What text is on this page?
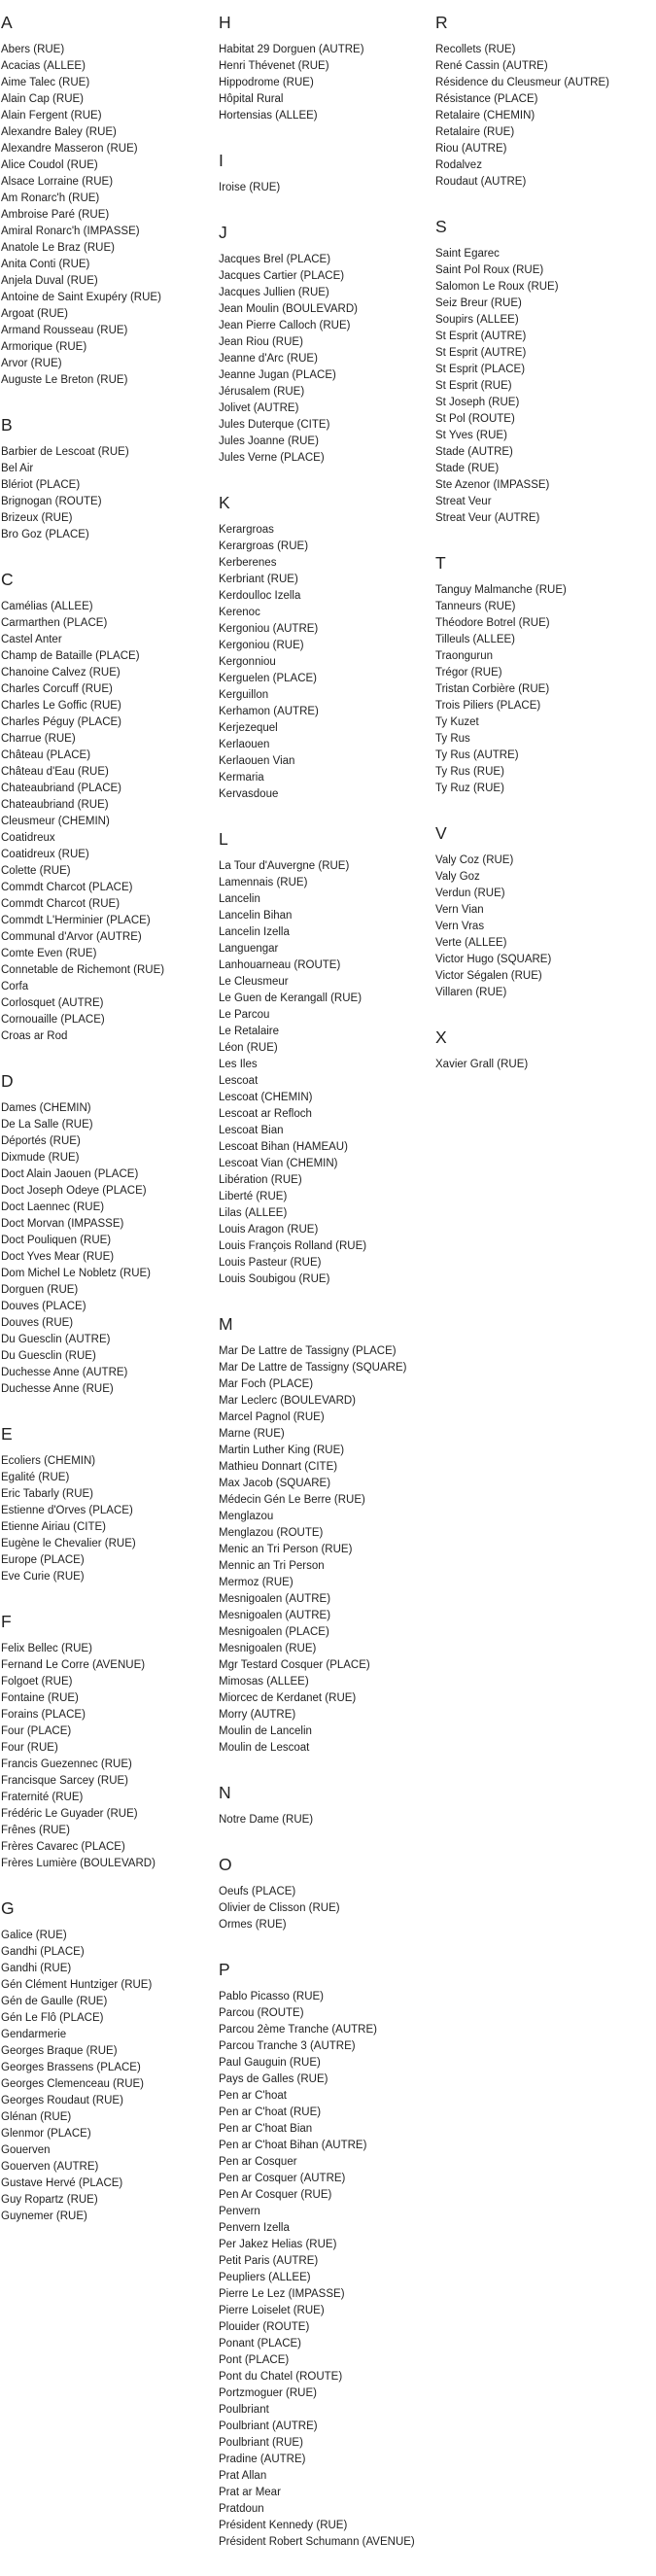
A
Abers (RUE)
Acacias (ALLEE)
Aime Talec (RUE)
Alain Cap (RUE)
Alain Fergent (RUE)
Alexandre Baley (RUE)
Alexandre Masseron (RUE)
Alice Coudol (RUE)
Alsace Lorraine (RUE)
Am Ronarc'h (RUE)
Ambroise Paré (RUE)
Amiral Ronarc'h (IMPASSE)
Anatole Le Braz (RUE)
Anita Conti (RUE)
Anjela Duval (RUE)
Antoine de Saint Exupéry (RUE)
Argoat (RUE)
Armand Rousseau (RUE)
Armorique (RUE)
Arvor (RUE)
Auguste Le Breton (RUE)
B
Barbier de Lescoat (RUE)
Bel Air
Blériot (PLACE)
Brignogan (ROUTE)
Brizeux (RUE)
Bro Goz (PLACE)
C
Camélias (ALLEE)
Carmarthen (PLACE)
Castel Anter
Champ de Bataille (PLACE)
Chanoine Calvez (RUE)
Charles Corcuff (RUE)
Charles Le Goffic (RUE)
Charles Péguy (PLACE)
Charrue (RUE)
Château (PLACE)
Château d'Eau (RUE)
Chateaubriand (PLACE)
Chateaubriand (RUE)
Cleusmeur (CHEMIN)
Coatidreux
Coatidreux (RUE)
Colette (RUE)
Commdt Charcot (PLACE)
Commdt Charcot (RUE)
Commdt L'Herminier (PLACE)
Communal d'Arvor (AUTRE)
Comte Even (RUE)
Connetable de Richemont (RUE)
Corfa
Corlosquet (AUTRE)
Cornouaille (PLACE)
Croas ar Rod
D
Dames (CHEMIN)
De La Salle (RUE)
Déportés (RUE)
Dixmude (RUE)
Doct Alain Jaouen (PLACE)
Doct Joseph Odeye (PLACE)
Doct Laennec (RUE)
Doct Morvan (IMPASSE)
Doct Pouliquen (RUE)
Doct Yves Mear (RUE)
Dom Michel Le Nobletz (RUE)
Dorguen (RUE)
Douves (PLACE)
Douves (RUE)
Du Guesclin (AUTRE)
Du Guesclin (RUE)
Duchesse Anne (AUTRE)
Duchesse Anne (RUE)
E
Ecoliers (CHEMIN)
Egalité (RUE)
Eric Tabarly (RUE)
Estienne d'Orves (PLACE)
Etienne Airiau (CITE)
Eugène le Chevalier (RUE)
Europe (PLACE)
Eve Curie (RUE)
F
Felix Bellec (RUE)
Fernand Le Corre (AVENUE)
Folgoet (RUE)
Fontaine (RUE)
Forains (PLACE)
Four (PLACE)
Four (RUE)
Francis Guezennec (RUE)
Francisque Sarcey (RUE)
Fraternité (RUE)
Frédéric Le Guyader (RUE)
Frênes (RUE)
Frères Cavarec (PLACE)
Frères Lumière (BOULEVARD)
G
Galice (RUE)
Gandhi (PLACE)
Gandhi (RUE)
Gén Clément Huntziger (RUE)
Gén de Gaulle (RUE)
Gén Le Flô (PLACE)
Gendarmerie
Georges Braque (RUE)
Georges Brassens (PLACE)
Georges Clemenceau (RUE)
Georges Roudaut (RUE)
Glénan (RUE)
Glenmor (PLACE)
Gouerven
Gouerven (AUTRE)
Gustave Hervé (PLACE)
Guy Ropartz (RUE)
Guynemer (RUE)
H
Habitat 29 Dorguen (AUTRE)
Henri Thévenet (RUE)
Hippodrome (RUE)
Hôpital Rural
Hortensias (ALLEE)
I
Iroise (RUE)
J
Jacques Brel (PLACE)
Jacques Cartier (PLACE)
Jacques Jullien (RUE)
Jean Moulin (BOULEVARD)
Jean Pierre Calloch (RUE)
Jean Riou (RUE)
Jeanne d'Arc (RUE)
Jeanne Jugan (PLACE)
Jérusalem (RUE)
Jolivet (AUTRE)
Jules Duterque (CITE)
Jules Joanne (RUE)
Jules Verne (PLACE)
K
Kerargroas
Kerargroas (RUE)
Kerberenes
Kerbriant (RUE)
Kerdoulloc Izella
Kerenoc
Kergoniou (AUTRE)
Kergoniou (RUE)
Kergonniou
Kerguelen (PLACE)
Kerguillon
Kerhamon (AUTRE)
Kerjezequel
Kerlaouen
Kerlaouen Vian
Kermaria
Kervasdoue
L
La Tour d'Auvergne (RUE)
Lamennais (RUE)
Lancelin
Lancelin Bihan
Lancelin Izella
Languengar
Lanhouarneau (ROUTE)
Le Cleusmeur
Le Guen de Kerangall (RUE)
Le Parcou
Le Retalaire
Léon (RUE)
Les Iles
Lescoat
Lescoat (CHEMIN)
Lescoat ar Refloch
Lescoat Bian
Lescoat Bihan (HAMEAU)
Lescoat Vian (CHEMIN)
Libération (RUE)
Liberté (RUE)
Lilas (ALLEE)
Louis Aragon (RUE)
Louis François Rolland (RUE)
Louis Pasteur (RUE)
Louis Soubigou (RUE)
M
Mar De Lattre de Tassigny (PLACE)
Mar De Lattre de Tassigny (SQUARE)
Mar Foch (PLACE)
Mar Leclerc (BOULEVARD)
Marcel Pagnol (RUE)
Marne (RUE)
Martin Luther King (RUE)
Mathieu Donnart (CITE)
Max Jacob (SQUARE)
Médecin Gén Le Berre (RUE)
Menglazou
Menglazou (ROUTE)
Menic an Tri Person (RUE)
Mennic an Tri Person
Mermoz (RUE)
Mesnigoalen (AUTRE)
Mesnigoalen (AUTRE)
Mesnigoalen (PLACE)
Mesnigoalen (RUE)
Mgr Testard Cosquer (PLACE)
Mimosas (ALLEE)
Miorcec de Kerdanet (RUE)
Morry (AUTRE)
Moulin de Lancelin
Moulin de Lescoat
N
Notre Dame (RUE)
O
Oeufs (PLACE)
Olivier de Clisson (RUE)
Ormes (RUE)
P
Pablo Picasso (RUE)
Parcou (ROUTE)
Parcou 2ème Tranche (AUTRE)
Parcou Tranche 3 (AUTRE)
Paul Gauguin (RUE)
Pays de Galles (RUE)
Pen ar C'hoat
Pen ar C'hoat (RUE)
Pen ar C'hoat Bian
Pen ar C'hoat Bihan (AUTRE)
Pen ar Cosquer
Pen ar Cosquer (AUTRE)
Pen Ar Cosquer (RUE)
Penvern
Penvern Izella
Per Jakez Helias (RUE)
Petit Paris (AUTRE)
Peupliers (ALLEE)
Pierre Le Lez (IMPASSE)
Pierre Loiselet (RUE)
Plouider (ROUTE)
Ponant (PLACE)
Pont (PLACE)
Pont du Chatel (ROUTE)
Portzmoguer (RUE)
Poulbriant
Poulbriant (AUTRE)
Poulbriant (RUE)
Pradine (AUTRE)
Prat Allan
Prat ar Mear
Pratdoun
Président Kennedy (RUE)
Président Robert Schumann (AVENUE)
R
Recollets (RUE)
René Cassin (AUTRE)
Résidence du Cleusmeur (AUTRE)
Résistance (PLACE)
Retalaire (CHEMIN)
Retalaire (RUE)
Riou (AUTRE)
Rodalvez
Roudaut (AUTRE)
S
Saint Egarec
Saint Pol Roux (RUE)
Salomon Le Roux (RUE)
Seiz Breur (RUE)
Soupirs (ALLEE)
St Esprit (AUTRE)
St Esprit (AUTRE)
St Esprit (PLACE)
St Esprit (RUE)
St Joseph (RUE)
St Pol (ROUTE)
St Yves (RUE)
Stade (AUTRE)
Stade (RUE)
Ste Azenor (IMPASSE)
Streat Veur
Streat Veur (AUTRE)
T
Tanguy Malmanche (RUE)
Tanneurs (RUE)
Théodore Botrel (RUE)
Tilleuls (ALLEE)
Traongurun
Trégor (RUE)
Tristan Corbière (RUE)
Trois Piliers (PLACE)
Ty Kuzet
Ty Rus
Ty Rus (AUTRE)
Ty Rus (RUE)
Ty Ruz (RUE)
V
Valy Coz (RUE)
Valy Goz
Verdun (RUE)
Vern Vian
Vern Vras
Verte (ALLEE)
Victor Hugo (SQUARE)
Victor Ségalen (RUE)
Villaren (RUE)
X
Xavier Grall (RUE)
